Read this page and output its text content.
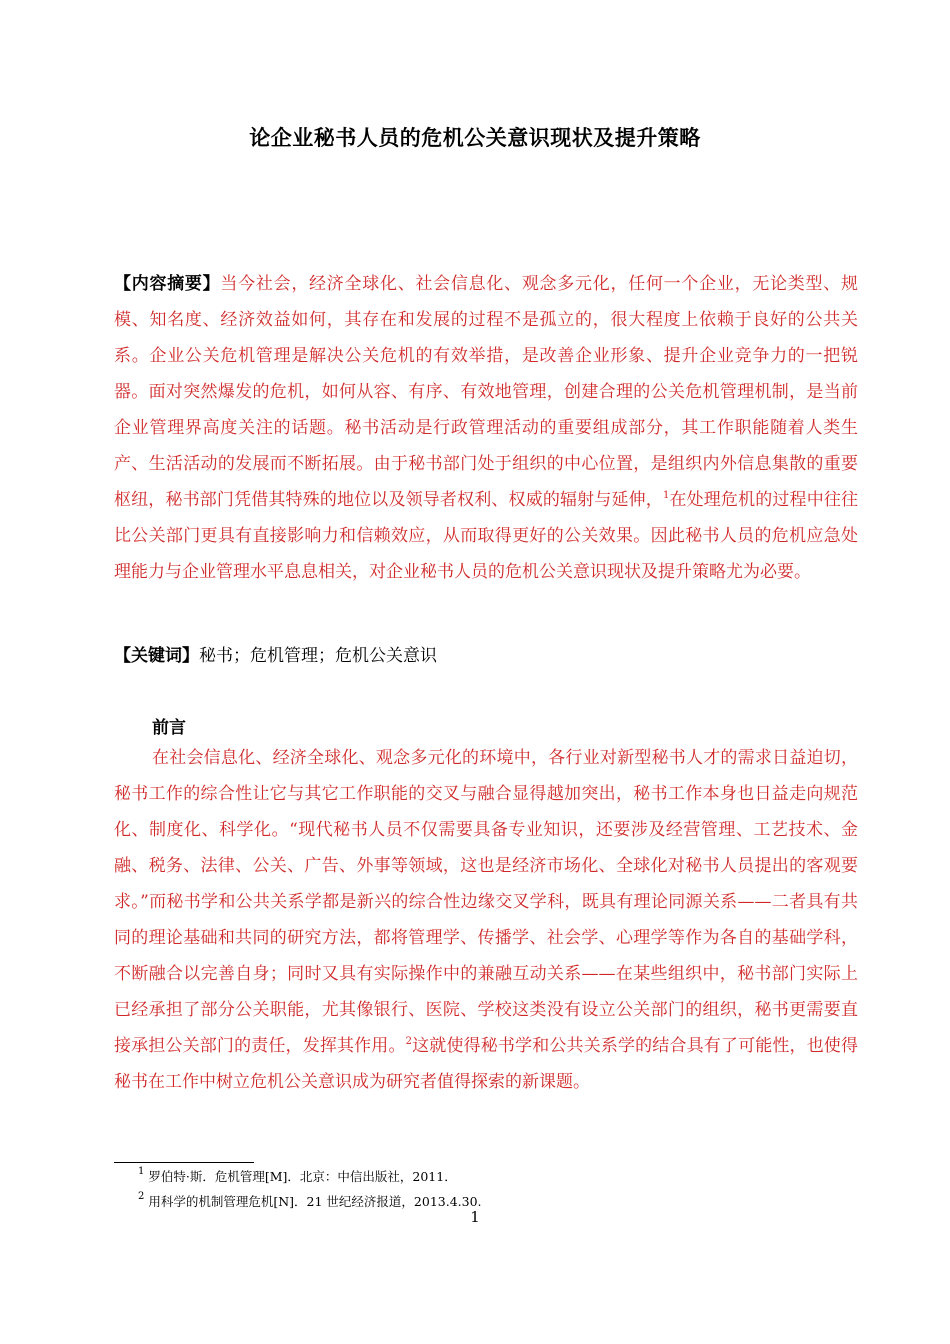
论企业秘书人员的危机公关意识现状及提升策略
【内容摘要】当今社会，经济全球化、社会信息化、观念多元化，任何一个企业，无论类型、规模、知名度、经济效益如何，其存在和发展的过程不是孤立的，很大程度上依赖于良好的公共关系。企业公关危机管理是解决公关危机的有效举措，是改善企业形象、提升企业竞争力的一把锐器。面对突然爆发的危机，如何从容、有序、有效地管理，创建合理的公关危机管理机制，是当前企业管理界高度关注的话题。秘书活动是行政管理活动的重要组成部分，其工作职能随着人类生产、生活活动的发展而不断拓展。由于秘书部门处于组织的中心位置，是组织内外信息集散的重要枢纽，秘书部门凭借其特殊的地位以及领导者权利、权威的辐射与延伸，$^1$在处理危机的过程中往往比公关部门更具有直接影响力和信赖效应，从而取得更好的公关效果。因此秘书人员的危机应急处理能力与企业管理水平息息相关，对企业秘书人员的危机公关意识现状及提升策略尤为必要。
【关键词】秘书；危机管理；危机公关意识
前言
在社会信息化、经济全球化、观念多元化的环境中，各行业对新型秘书人才的需求日益迫切，秘书工作的综合性让它与其它工作职能的交叉与融合显得越加突出，秘书工作本身也日益走向规范化、制度化、科学化。“现代秘书人员不仅需要具备专业知识，还要涉及经营管理、工艺技术、金融、税务、法律、公关、广告、外事等领域，这也是经济市场化、全球化对秘书人员提出的客观要求。”而秘书学和公共关系学都是新兴的综合性边缘交叉学科，既具有理论同源关系——二者具有共同的理论基础和共同的研究方法，都将管理学、传播学、社会学、心理学等作为各自的基础学科，不断融合以完善自身；同时又具有实际操作中的兼融互动关系——在某些组织中，秘书部门实际上已经承担了部分公关职能，尤其像银行、医院、学校这类没有设立公关部门的组织，秘书更需要直接承担公关部门的责任，发挥其作用。$^2$这就使得秘书学和公共关系学的结合具有了可能性，也使得秘书在工作中树立危机公关意识成为研究者值得探索的新课题。
$^1$ 罗伯特·斯．危机管理[M]．北京：中信出版社，2011．
$^2$ 用科学的机制管理危机[N]．21 世纪经济报道，2013.4.30.
1
